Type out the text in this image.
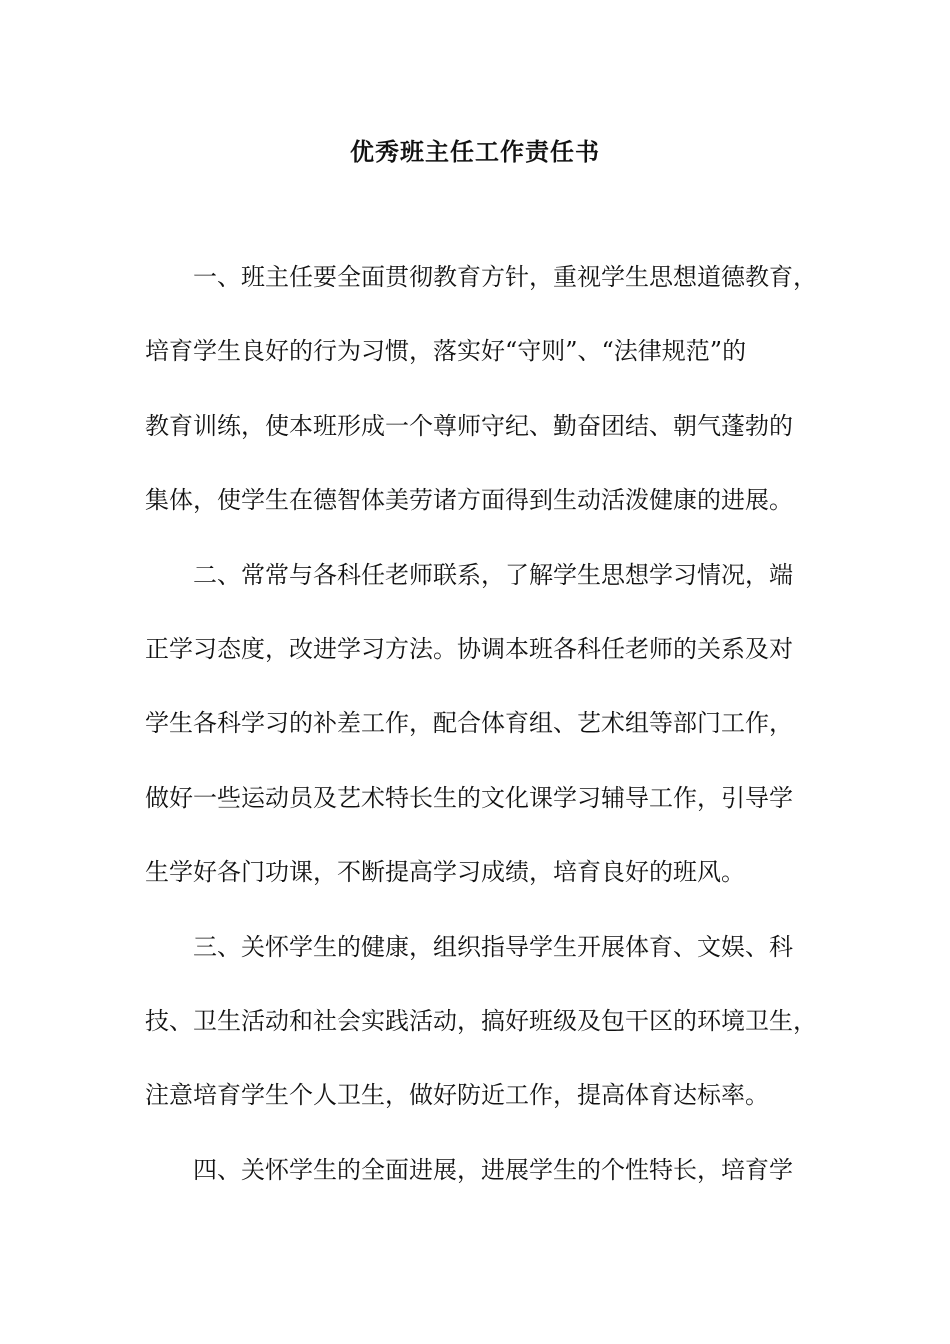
优秀班主任工作责任书
一、班主任要全面贯彻教育方针，重视学生思想道德教育，
培育学生良好的行为习惯，落实好“守则”、“法律规范”的
教育训练，使本班形成一个尊师守纪、勤奋团结、朝气蓬勃的
集体，使学生在德智体美劳诸方面得到生动活泼健康的进展。
二、常常与各科任老师联系，了解学生思想学习情况，端
正学习态度，改进学习方法。协调本班各科任老师的关系及对
学生各科学习的补差工作，配合体育组、艺术组等部门工作，
做好一些运动员及艺术特长生的文化课学习辅导工作，引导学
生学好各门功课，不断提高学习成绩，培育良好的班风。
三、关怀学生的健康，组织指导学生开展体育、文娱、科
技、卫生活动和社会实践活动，搞好班级及包干区的环境卫生，
注意培育学生个人卫生，做好防近工作，提高体育达标率。
四、关怀学生的全面进展，进展学生的个性特长，培育学
